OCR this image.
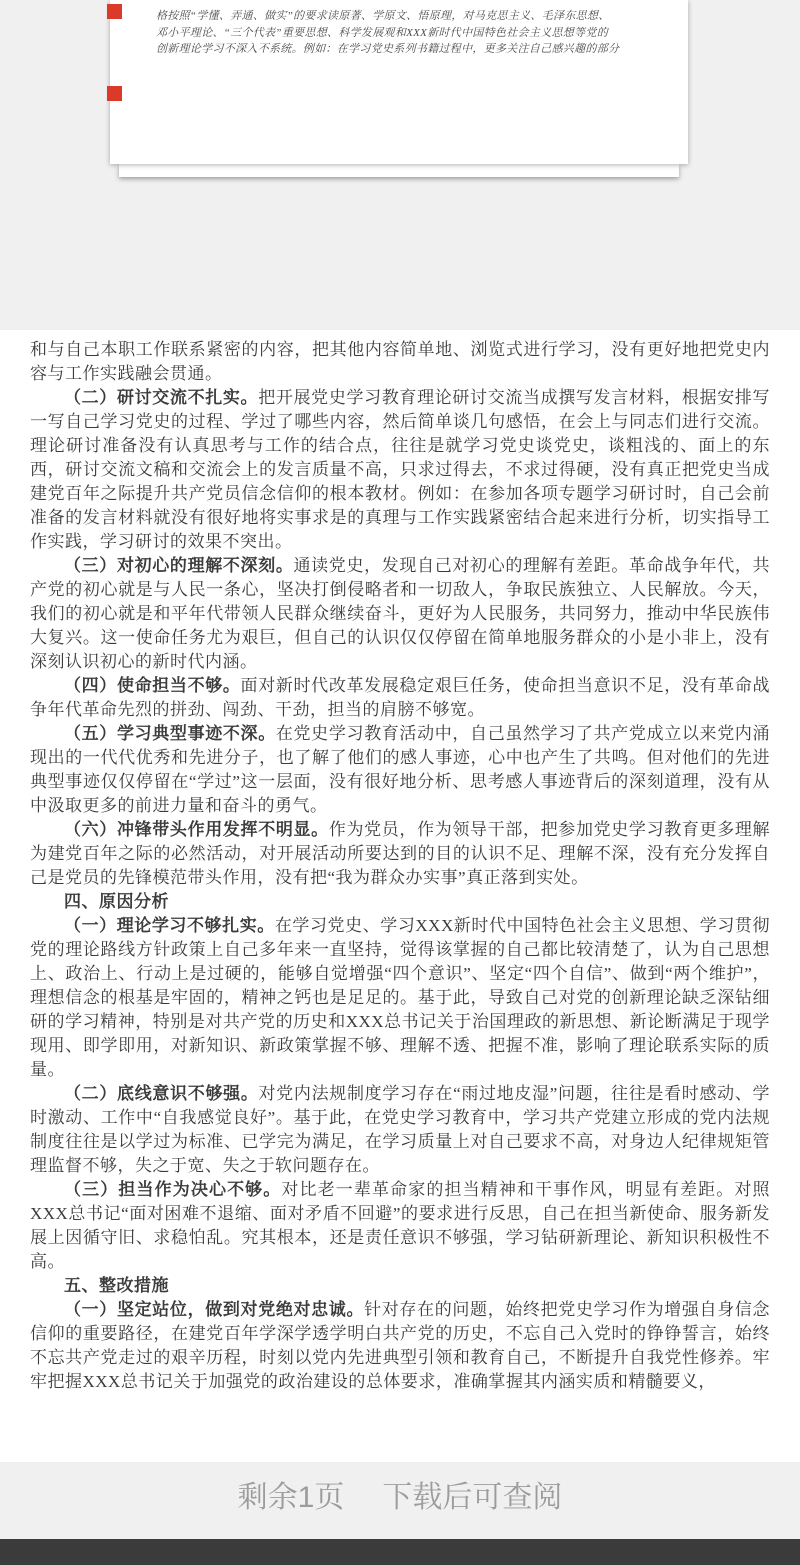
格按照“学懂、弄通、做实”的要求读原著、学原文、悟原理，对马克思主义、毛泽东思想、

邓小平理论、“三个代表”重要思想、科学发展观和XXX新时代中国特色社会主义思想等党的

创新理论学习不深入不系统。例如：在学习党史系列书籍过程中，更多关注自己感兴趣的部分

和与自己本职工作联系紧密的内容，把其他内容简单地、浏览式进行学习，没有更好地把党史内容与工作实践融会贯通。

（二）研讨交流不扎实。把开展党史学习教育理论研讨交流当成撰写发言材料，根据安排写一写自己学习党史的过程、学过了哪些内容，然后简单谈几句感悟，在会上与同志们进行交流。理论研讨准备没有认真思考与工作的结合点，往往是就学习党史谈党史，谈粗浅的、面上的东西，研讨交流文稿和交流会上的发言质量不高，只求过得去，不求过得硬，没有真正把党史当成建党百年之际提升共产党员信念信仰的根本教材。例如：在参加各项专题学习研讨时，自己会前准备的发言材料就没有很好地将实事求是的真理与工作实践紧密结合起来进行分析，切实指导工作实践，学习研讨的效果不突出。

（三）对初心的理解不深刻。通读党史，发现自己对初心的理解有差距。革命战争年代，共产党的初心就是与人民一条心，坚决打倒侵略者和一切敌人，争取民族独立、人民解放。今天，我们的初心就是和平年代带领人民群众继续奋斗，更好为人民服务，共同努力，推动中华民族伟大复兴。这一使命任务尤为艰巨，但自己的认识仅仅停留在简单地服务群众的小是小非上，没有深刻认识初心的新时代内涵。

（四）使命担当不够。面对新时代改革发展稳定艰巨任务，使命担当意识不足，没有革命战争年代革命先烈的拼劲、闯劲、干劲，担当的肩膀不够宽。

（五）学习典型事迹不深。在党史学习教育活动中，自己虽然学习了共产党成立以来党内涌现出的一代代优秀和先进分子，也了解了他们的感人事迹，心中也产生了共鸣。但对他们的先进典型事迹仅仅停留在“学过”这一层面，没有很好地分析、思考感人事迹背后的深刻道理，没有从中汲取更多的前进力量和奋斗的勇气。

（六）冲锋带头作用发挥不明显。作为党员，作为领导干部，把参加党史学习教育更多理解为建党百年之际的必然活动，对开展活动所要达到的目的认识不足、理解不深，没有充分发挥自己是党员的先锋模范带头作用，没有把“我为群众办实事”真正落到实处。

四、原因分析

（一）理论学习不够扎实。在学习党史、学习XXX新时代中国特色社会主义思想、学习贯彻党的理论路线方针政策上自己多年来一直坚持，觉得该掌握的自己都比较清楚了，认为自己思想上、政治上、行动上是过硬的，能够自觉增强“四个意识”、坚定“四个自信”、做到“两个维护”，理想信念的根基是牢固的，精神之钙也是足足的。基于此，导致自己对党的创新理论缺乏深钻细研的学习精神，特别是对共产党的历史和XXX总书记关于治国理政的新思想、新论断满足于现学现用、即学即用，对新知识、新政策掌握不够、理解不透、把握不准，影响了理论联系实际的质量。

（二）底线意识不够强。对党内法规制度学习存在“雨过地皮湿”问题，往往是看时感动、学时激动、工作中“自我感觉良好”。基于此，在党史学习教育中，学习共产党建立形成的党内法规制度往往是以学过为标准、已学完为满足，在学习质量上对自己要求不高，对身边人纪律规矩管理监督不够，失之于宽、失之于软问题存在。

（三）担当作为决心不够。对比老一辈革命家的担当精神和干事作风，明显有差距。对照XXX总书记“面对困难不退缩、面对矛盾不回避”的要求进行反思，自己在担当新使命、服务新发展上因循守旧、求稳怕乱。究其根本，还是责任意识不够强，学习钻研新理论、新知识积极性不高。

五、整改措施

（一）坚定站位，做到对党绝对忠诚。针对存在的问题，始终把党史学习作为增强自身信念信仰的重要路径，在建党百年学深学透学明白共产党的历史，不忘自己入党时的铮铮誓言，始终不忘共产党走过的艰辛历程，时刻以党内先进典型引领和教育自己，不断提升自我党性修养。牢牢把握XXX总书记关于加强党的政治建设的总体要求，准确掌握其内涵实质和精髓要义，

剩余1页 下载后可查阅
